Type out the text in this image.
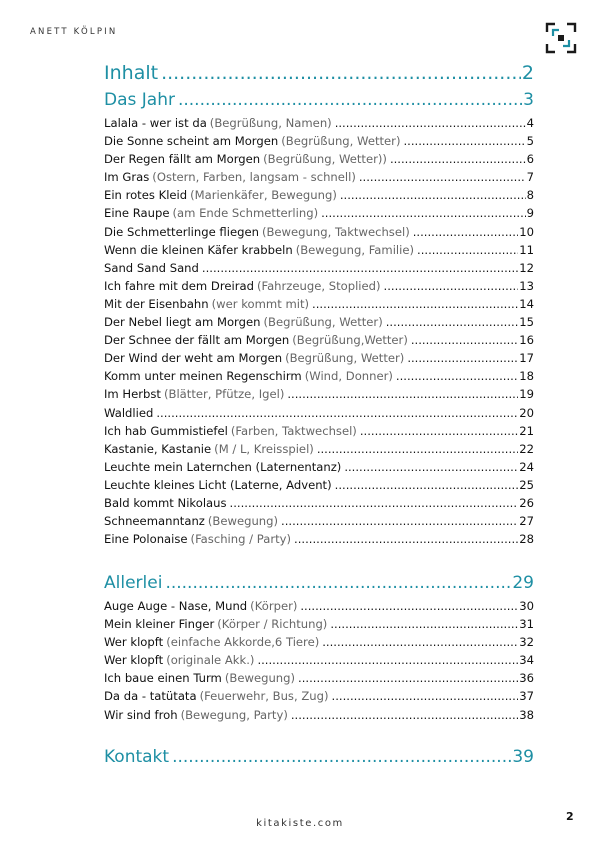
ANETT KÖLPIN
Inhalt .....	2
Das Jahr .....	3
Lalala - wer ist da (Begrüßung, Namen) .....	4
Die Sonne scheint am Morgen (Begrüßung, Wetter) .....	5
Der Regen fällt am Morgen (Begrüßung, Wetter)) .....	6
Im Gras (Ostern, Farben, langsam - schnell) .....	7
Ein rotes Kleid (Marienkäfer, Bewegung) .....	8
Eine Raupe (am Ende Schmetterling) .....	9
Die Schmetterlinge fliegen (Bewegung, Taktwechsel) .....	10
Wenn die kleinen Käfer krabbeln (Bewegung, Familie) .....	11
Sand Sand Sand .....	12
Ich fahre mit dem Dreirad (Fahrzeuge, Stoplied) .....	13
Mit der Eisenbahn (wer kommt mit) .....	14
Der Nebel liegt am Morgen (Begrüßung, Wetter) .....	15
Der Schnee der fällt am Morgen (Begrüßung,Wetter) .....	16
Der Wind der weht am Morgen (Begrüßung, Wetter) .....	17
Komm unter meinen Regenschirm (Wind, Donner) .....	18
Im Herbst (Blätter, Pfütze, Igel) .....	19
Waldlied .....	20
Ich hab Gummistiefel (Farben, Taktwechsel) .....	21
Kastanie, Kastanie (M / L, Kreisspiel) .....	22
Leuchte mein Laternchen (Laternentanz) .....	24
Leuchte kleines Licht (Laterne, Advent) .....	25
Bald kommt Nikolaus .....	26
Schneemanntanz (Bewegung) .....	27
Eine Polonaise (Fasching / Party) .....	28
Allerlei .....	29
Auge Auge - Nase, Mund (Körper) .....	30
Mein kleiner Finger (Körper / Richtung) .....	31
Wer klopft (einfache Akkorde,6 Tiere) .....	32
Wer klopft (originale Akk.) .....	34
Ich baue einen Turm (Bewegung) .....	36
Da da - tatütata (Feuerwehr, Bus, Zug) .....	37
Wir sind froh (Bewegung, Party) .....	38
Kontakt .....	39
kitakiste.com
2
